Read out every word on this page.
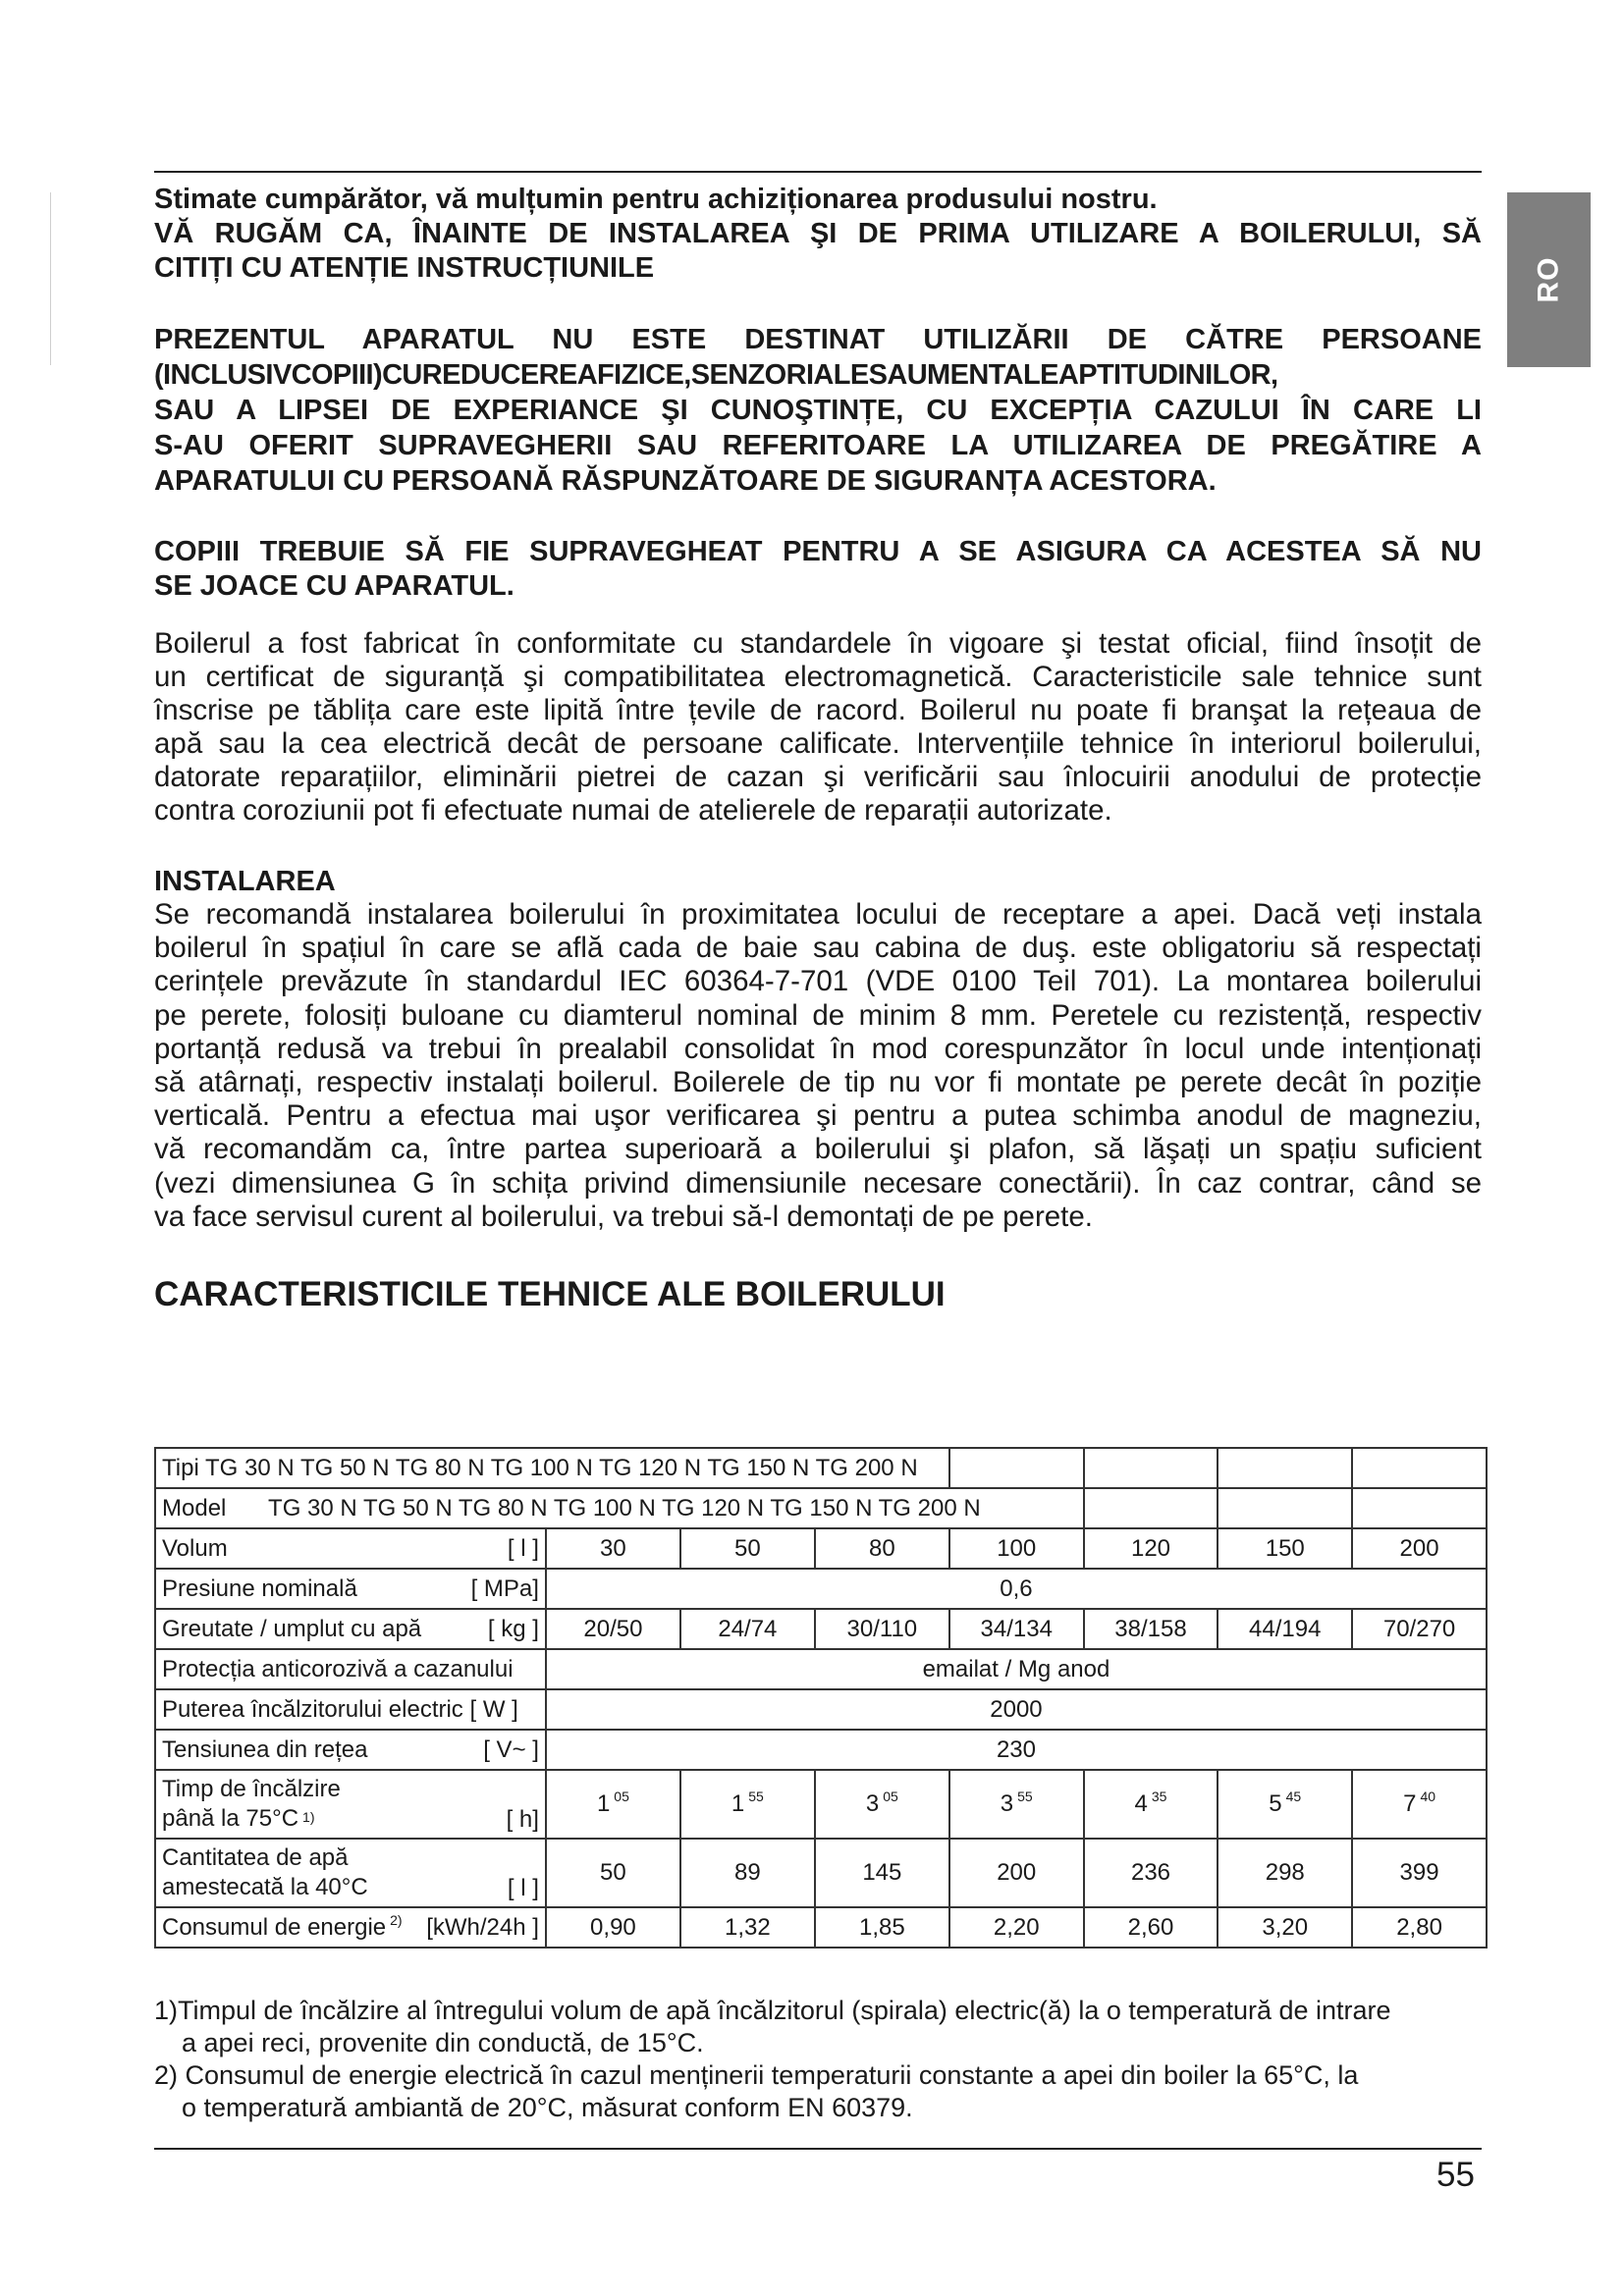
RO

Stimate cumpărător, vă mulțumin pentru achiziționarea produsului nostru.

VĂ RUGĂM CA, ÎNAINTE DE INSTALAREA ŞI DE PRIMA UTILIZARE A BOILERULUI, SĂ

CITIȚI CU ATENȚIE INSTRUCȚIUNILE

PREZENTUL APARATUL NU ESTE DESTINAT UTILIZĂRII DE CĂTRE PERSOANE

(INCLUSIVCOPIII)CUREDUCEREAFIZICE,SENZORIALESAUMENTALEAPTITUDINILOR,

SAU A LIPSEI DE EXPERIANCE ŞI CUNOŞTINȚE, CU EXCEPȚIA CAZULUI ÎN CARE LI

S-AU OFERIT SUPRAVEGHERII SAU REFERITOARE LA UTILIZAREA DE PREGĂTIRE A

APARATULUI CU PERSOANĂ RĂSPUNZĂTOARE DE SIGURANȚA ACESTORA.

COPIII TREBUIE SĂ FIE SUPRAVEGHEAT PENTRU A SE ASIGURA CA ACESTEA SĂ NU

SE JOACE CU APARATUL.

Boilerul a fost fabricat în conformitate cu standardele în vigoare şi testat oficial, fiind însoțit de

un certificat de siguranță şi compatibilitatea electromagnetică. Caracteristicile sale tehnice sunt

înscrise pe tăblița care este lipită între țevile de racord. Boilerul nu poate fi branşat la rețeaua de

apă sau la cea electrică decât de persoane calificate. Intervențiile tehnice în interiorul boilerului,

datorate reparațiilor, eliminării pietrei de cazan şi verificării sau înlocuirii anodului de protecție

contra coroziunii pot fi efectuate numai de atelierele de reparații autorizate.

INSTALAREA

Se recomandă instalarea boilerului în proximitatea locului de receptare a apei. Dacă veți instala

boilerul în spațiul în care se află cada de baie sau cabina de duş. este obligatoriu să respectați

cerințele prevăzute în standardul IEC 60364-7-701 (VDE 0100 Teil 701). La montarea boilerului

pe perete, folosiți buloane cu diamterul nominal de minim 8 mm. Peretele cu rezistență, respectiv

portanță redusă va trebui în prealabil consolidat în mod corespunzător în locul unde intenționați

să atârnați, respectiv instalați boilerul. Boilerele de tip nu vor fi montate pe perete decât în poziție

verticală. Pentru a efectua mai uşor verificarea şi pentru a putea schimba anodul de magneziu,

vă recomandăm ca, între partea superioară a boilerului şi plafon, să lăşați un spațiu suficient

(vezi dimensiunea G în schița privind dimensiunile necesare conectării). În caz contrar, când se

va face servisul curent al boilerului, va trebui să-l demontați de pe perete.

CARACTERISTICILE TEHNICE ALE BOILERULUI

Tipi TG 30 N TG 50 N TG 80 N TG 100 N TG 120 N TG 150 N TG 200 N							
Model TG 30 N TG 50 N TG 80 N TG 100 N TG 120 N TG 150 N TG 200 N							
Volum [ l ]	30	50	80	100	120	150	200
Presiune nominală [ MPa]	0,6						
Greutate / umplut cu apă [ kg ]	20/50	24/74	30/110	34/134	38/158	44/194	70/270
Protecția anticorozivă a cazanului	emailat / Mg anod						
Puterea încălzitorului electric [ W ]	2000						
Tensiunea din rețea [ V~ ]	230						

Timp de încălzire
până la 75°C $^{1)}$ [ h]	1 $^{05}$	1 $^{55}$	3 $^{05}$	3 $^{55}$	4 $^{35}$	5 $^{45}$	7 $^{40}$

Cantitatea de apă
amestecată la 40°C [ l ]	50	89	145	200	236	298	399
Consumul de energie $^{2)}$ [kWh/24h ]	0,90	1,32	1,85	2,20	2,60	3,20	2,80
1)Timpul de încălzire al întregului volum de apă încălzitorul (spirala) electric(ă) la o temperatură de intrare
a apei reci, provenite din conductă, de 15°C.
2) Consumul de energie electrică în cazul menținerii temperaturii constante a apei din boiler la 65°C, la
o temperatură ambiantă de 20°C, măsurat conform EN 60379.
55
